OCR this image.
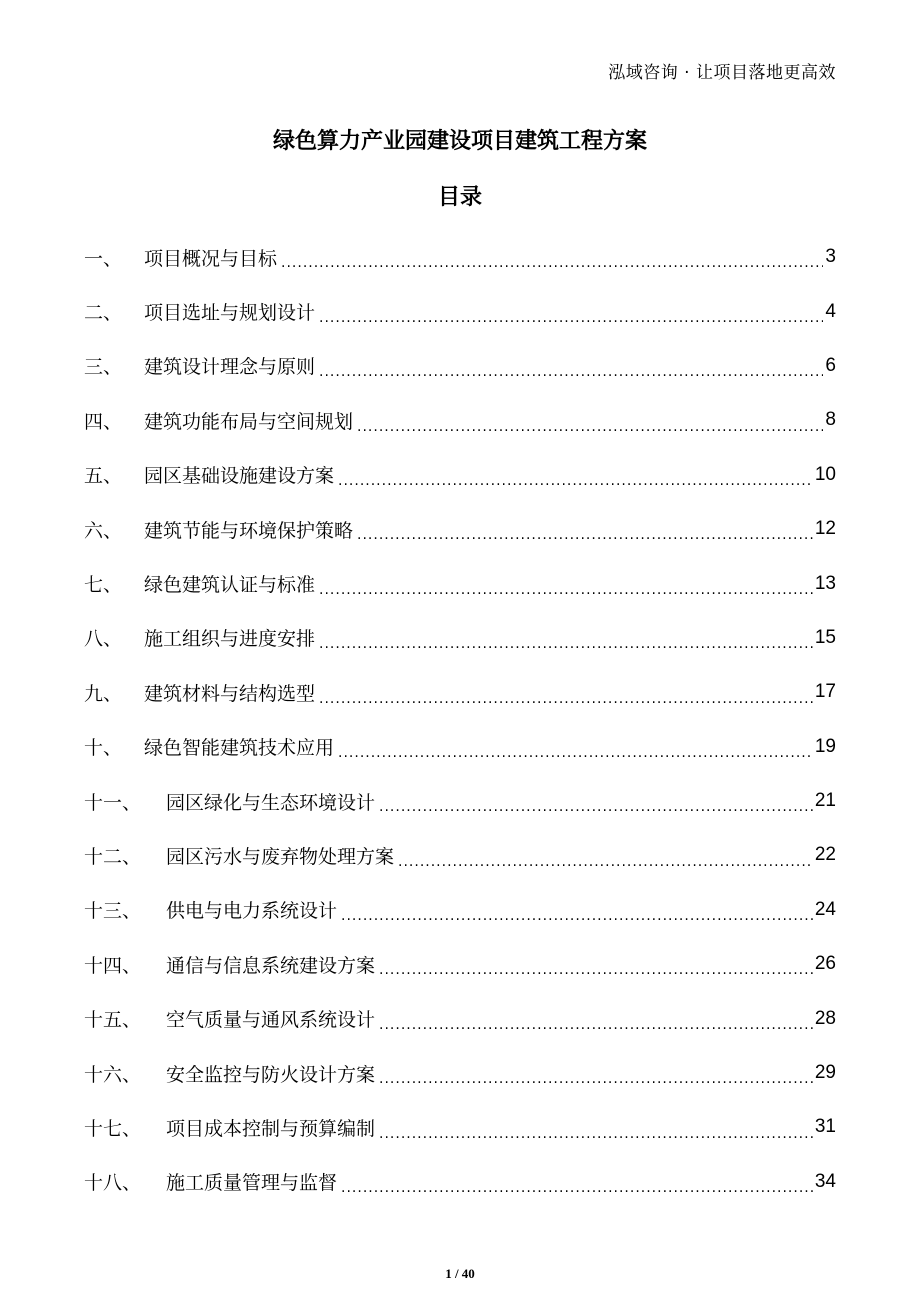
泓域咨询 · 让项目落地更高效
绿色算力产业园建设项目建筑工程方案
目录
一、	项目概况与目标 .....	3
二、	项目选址与规划设计 .....	4
三、	建筑设计理念与原则 .....	6
四、	建筑功能布局与空间规划 .....	8
五、	园区基础设施建设方案 .....	10
六、	建筑节能与环境保护策略 .....	12
七、	绿色建筑认证与标准 .....	13
八、	施工组织与进度安排 .....	15
九、	建筑材料与结构选型 .....	17
十、	绿色智能建筑技术应用 .....	19
十一、	园区绿化与生态环境设计 .....	21
十二、	园区污水与废弃物处理方案 .....	22
十三、	供电与电力系统设计 .....	24
十四、	通信与信息系统建设方案 .....	26
十五、	空气质量与通风系统设计 .....	28
十六、	安全监控与防火设计方案 .....	29
十七、	项目成本控制与预算编制 .....	31
十八、	施工质量管理与监督 .....	34
1 / 40
